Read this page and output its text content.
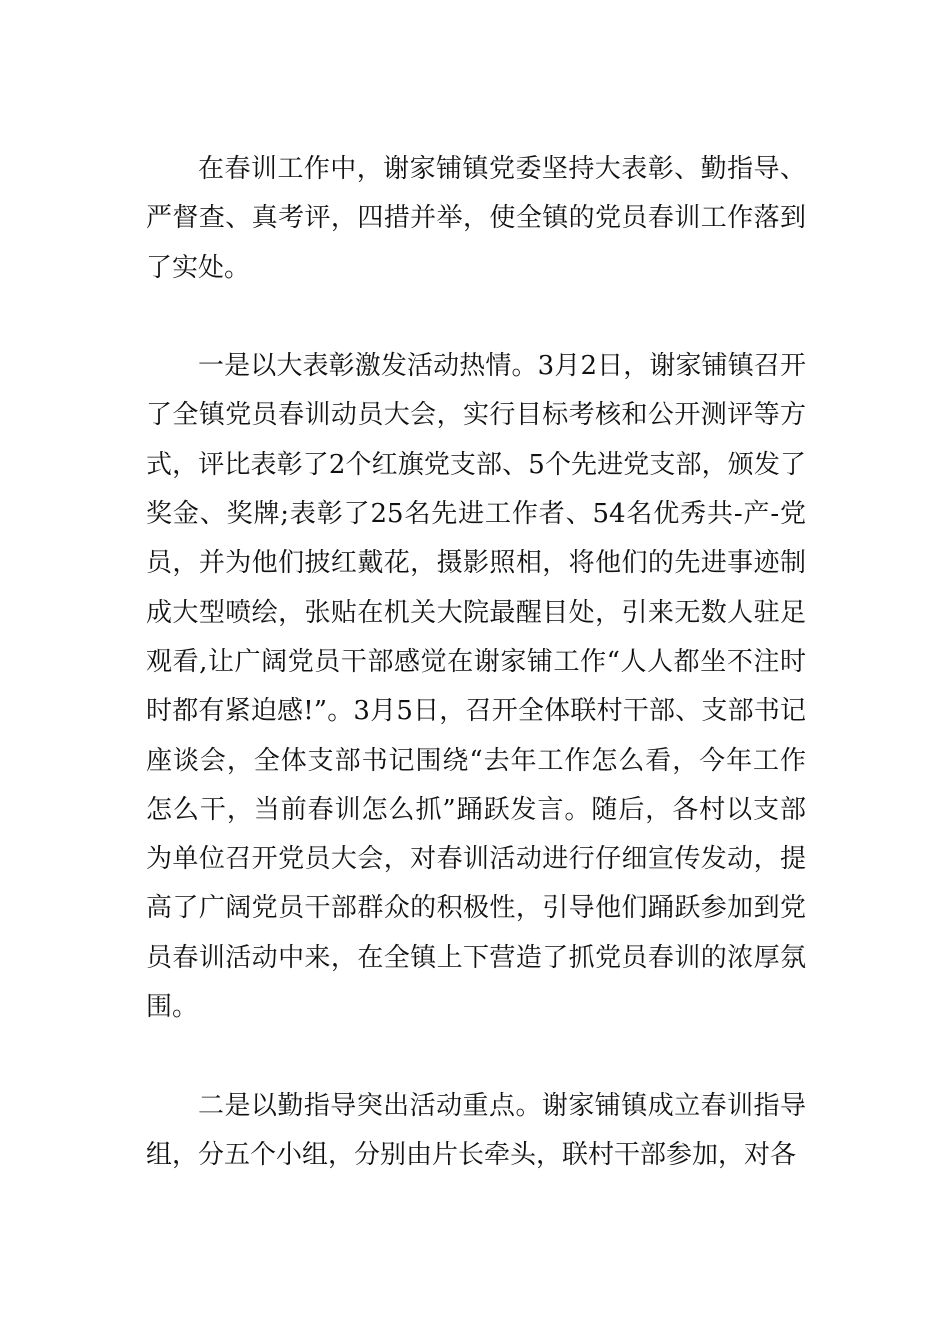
在春训工作中，谢家铺镇党委坚持大表彰、勤指导、严督查、真考评，四措并举，使全镇的党员春训工作落到了实处。

一是以大表彰激发活动热情。3月2日，谢家铺镇召开了全镇党员春训动员大会，实行目标考核和公开测评等方式，评比表彰了2个红旗党支部、5个先进党支部，颁发了奖金、奖牌;表彰了25名先进工作者、54名优秀共-产-党员，并为他们披红戴花，摄影照相，将他们的先进事迹制成大型喷绘，张贴在机关大院最醒目处，引来无数人驻足观看,让广阔党员干部感觉在谢家铺工作“人人都坐不注时时都有紧迫感!”。3月5日，召开全体联村干部、支部书记座谈会，全体支部书记围绕“去年工作怎么看，今年工作怎么干，当前春训怎么抓”踊跃发言。随后，各村以支部为单位召开党员大会，对春训活动进行仔细宣传发动，提高了广阔党员干部群众的积极性，引导他们踊跃参加到党员春训活动中来，在全镇上下营造了抓党员春训的浓厚氛围。

二是以勤指导突出活动重点。谢家铺镇成立春训指导组，分五个小组，分别由片长牵头，联村干部参加，对各
